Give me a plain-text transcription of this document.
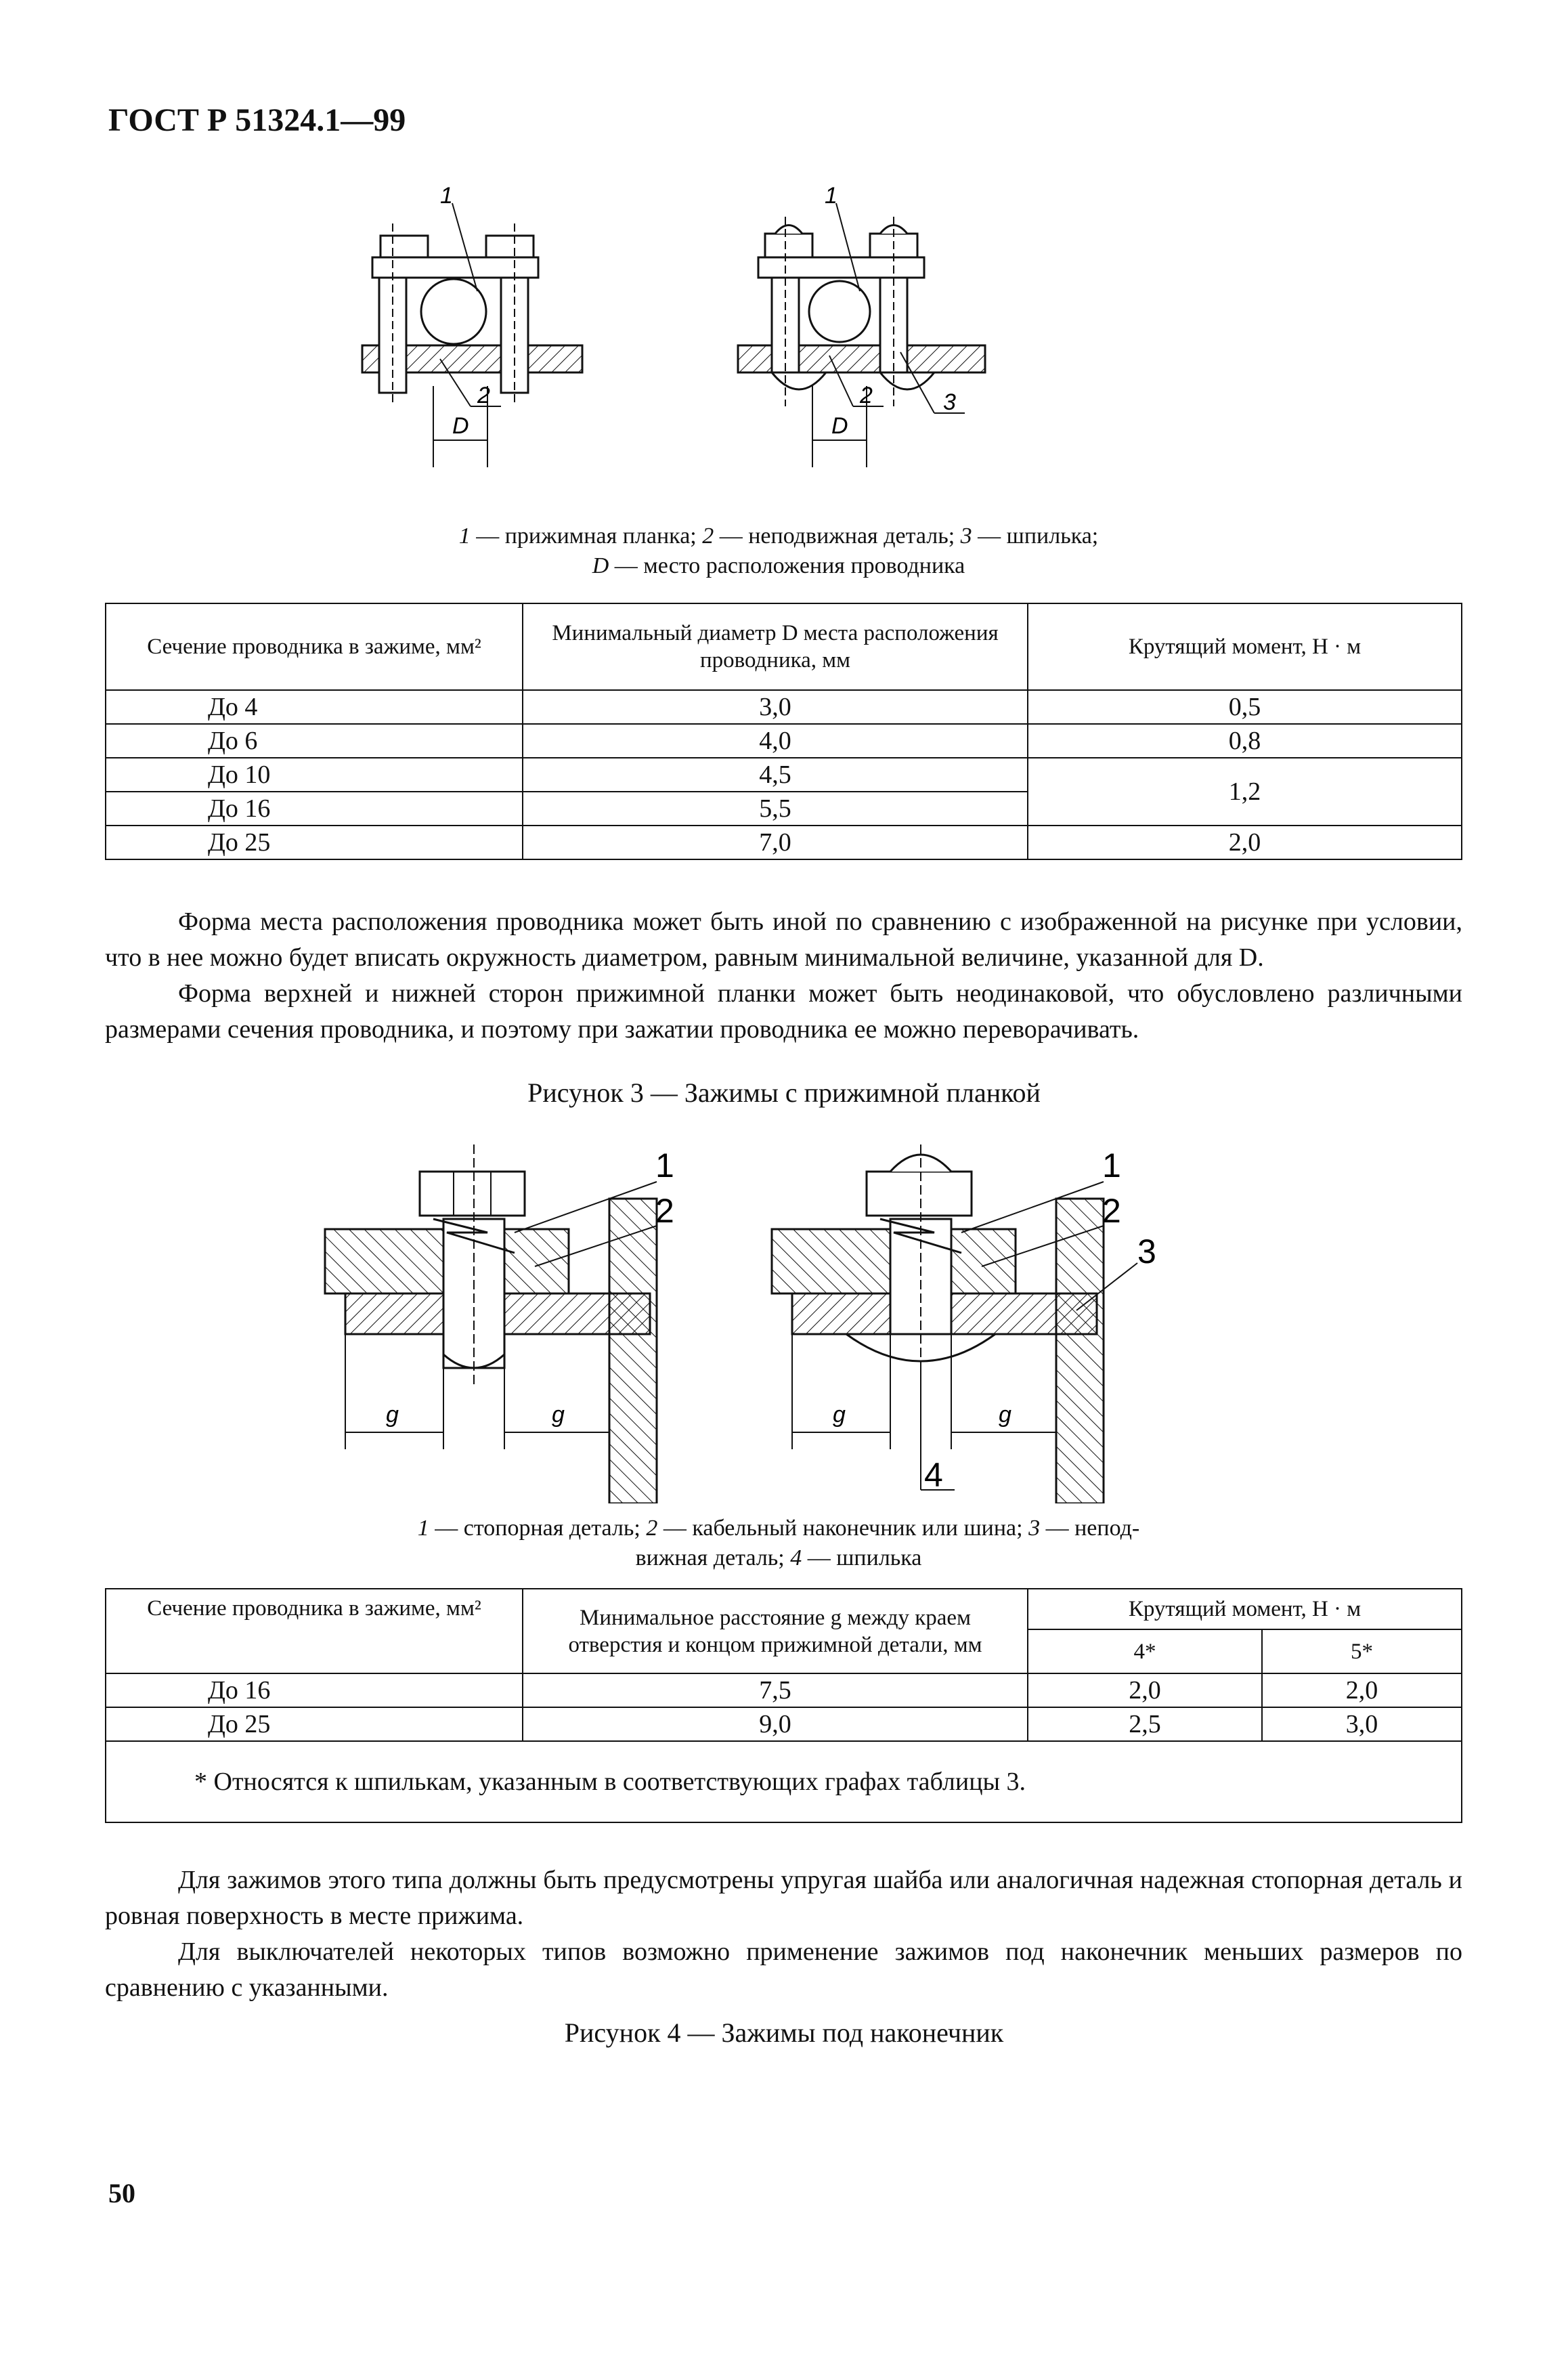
ГОСТ Р 51324.1—99
1
2
D
1
2	3
D
1 — прижимная планка; 2 — неподвижная деталь; 3 — шпилька;
D — место расположения проводника
Сечение проводника в зажиме, мм²	Минимальный диаметр D места расположения проводника, мм	Крутящий момент, Н · м
До 4	3,0	0,5
До 6	4,0	0,8
До 10	4,5	1,2
До 16	5,5	
До 25	7,0	2,0

Форма места расположения проводника может быть иной по сравнению с изображенной на рисунке при условии, что в нее можно будет вписать окружность диаметром, равным минимальной величине, указанной для D.

Форма верхней и нижней сторон прижимной планки может быть неодинаковой, что обусловлено различными размерами сечения проводника, и поэтому при зажатии проводника ее можно переворачивать.

Рисунок 3 — Зажимы с прижимной планкой
1
2
g	g
1
2
3
4
g	g
1 — стопорная деталь; 2 — кабельный наконечник или шина; 3 — непод-
вижная деталь; 4 — шпилька
Сечение проводника в зажиме, мм²	Минимальное расстояние g между краем отверстия и концом прижимной детали, мм	Крутящий момент, Н · м	
		4*	5*
До 16	7,5	2,0	2,0
До 25	9,0	2,5	3,0
* Относятся к шпилькам, указанным в соответствующих графах таблицы 3.			

Для зажимов этого типа должны быть предусмотрены упругая шайба или аналогичная надежная стопорная деталь и ровная поверхность в месте прижима.

Для выключателей некоторых типов возможно применение зажимов под наконечник меньших размеров по сравнению с указанными.

Рисунок 4 — Зажимы под наконечник
50
